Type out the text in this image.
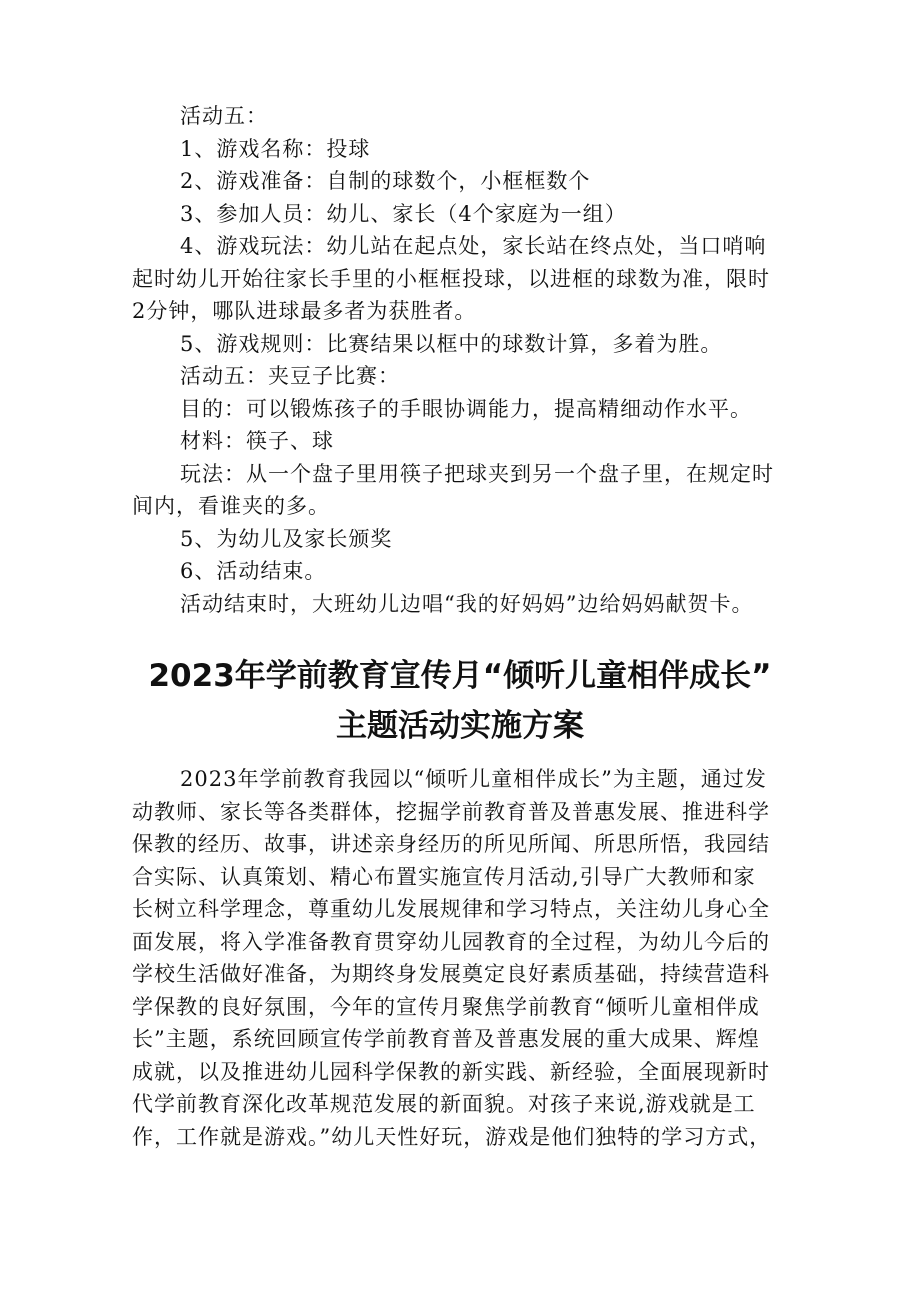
活动五：
1、游戏名称：投球
2、游戏准备：自制的球数个，小框框数个
3、参加人员：幼儿、家长（4个家庭为一组）
4、游戏玩法：幼儿站在起点处，家长站在终点处，当口哨响
起时幼儿开始往家长手里的小框框投球，以进框的球数为准，限时
2分钟，哪队进球最多者为获胜者。
5、游戏规则：比赛结果以框中的球数计算，多着为胜。
活动五：夹豆子比赛：
目的：可以锻炼孩子的手眼协调能力，提高精细动作水平。
材料：筷子、球
玩法：从一个盘子里用筷子把球夹到另一个盘子里，在规定时
间内，看谁夹的多。
5、为幼儿及家长颁奖
6、活动结束。
活动结束时，大班幼儿边唱“我的好妈妈”边给妈妈献贺卡。
2023年学前教育宣传月“倾听儿童相伴成长”
主题活动实施方案
2023年学前教育我园以“倾听儿童相伴成长”为主题，通过发
动教师、家长等各类群体，挖掘学前教育普及普惠发展、推进科学
保教的经历、故事，讲述亲身经历的所见所闻、所思所悟，我园结
合实际、认真策划、精心布置实施宣传月活动,引导广大教师和家
长树立科学理念，尊重幼儿发展规律和学习特点，关注幼儿身心全
面发展，将入学准备教育贯穿幼儿园教育的全过程，为幼儿今后的
学校生活做好准备，为期终身发展奠定良好素质基础，持续营造科
学保教的良好氛围，今年的宣传月聚焦学前教育“倾听儿童相伴成
长”主题，系统回顾宣传学前教育普及普惠发展的重大成果、辉煌
成就，以及推进幼儿园科学保教的新实践、新经验，全面展现新时
代学前教育深化改革规范发展的新面貌。对孩子来说,游戏就是工
作，工作就是游戏。”幼儿天性好玩，游戏是他们独特的学习方式，
